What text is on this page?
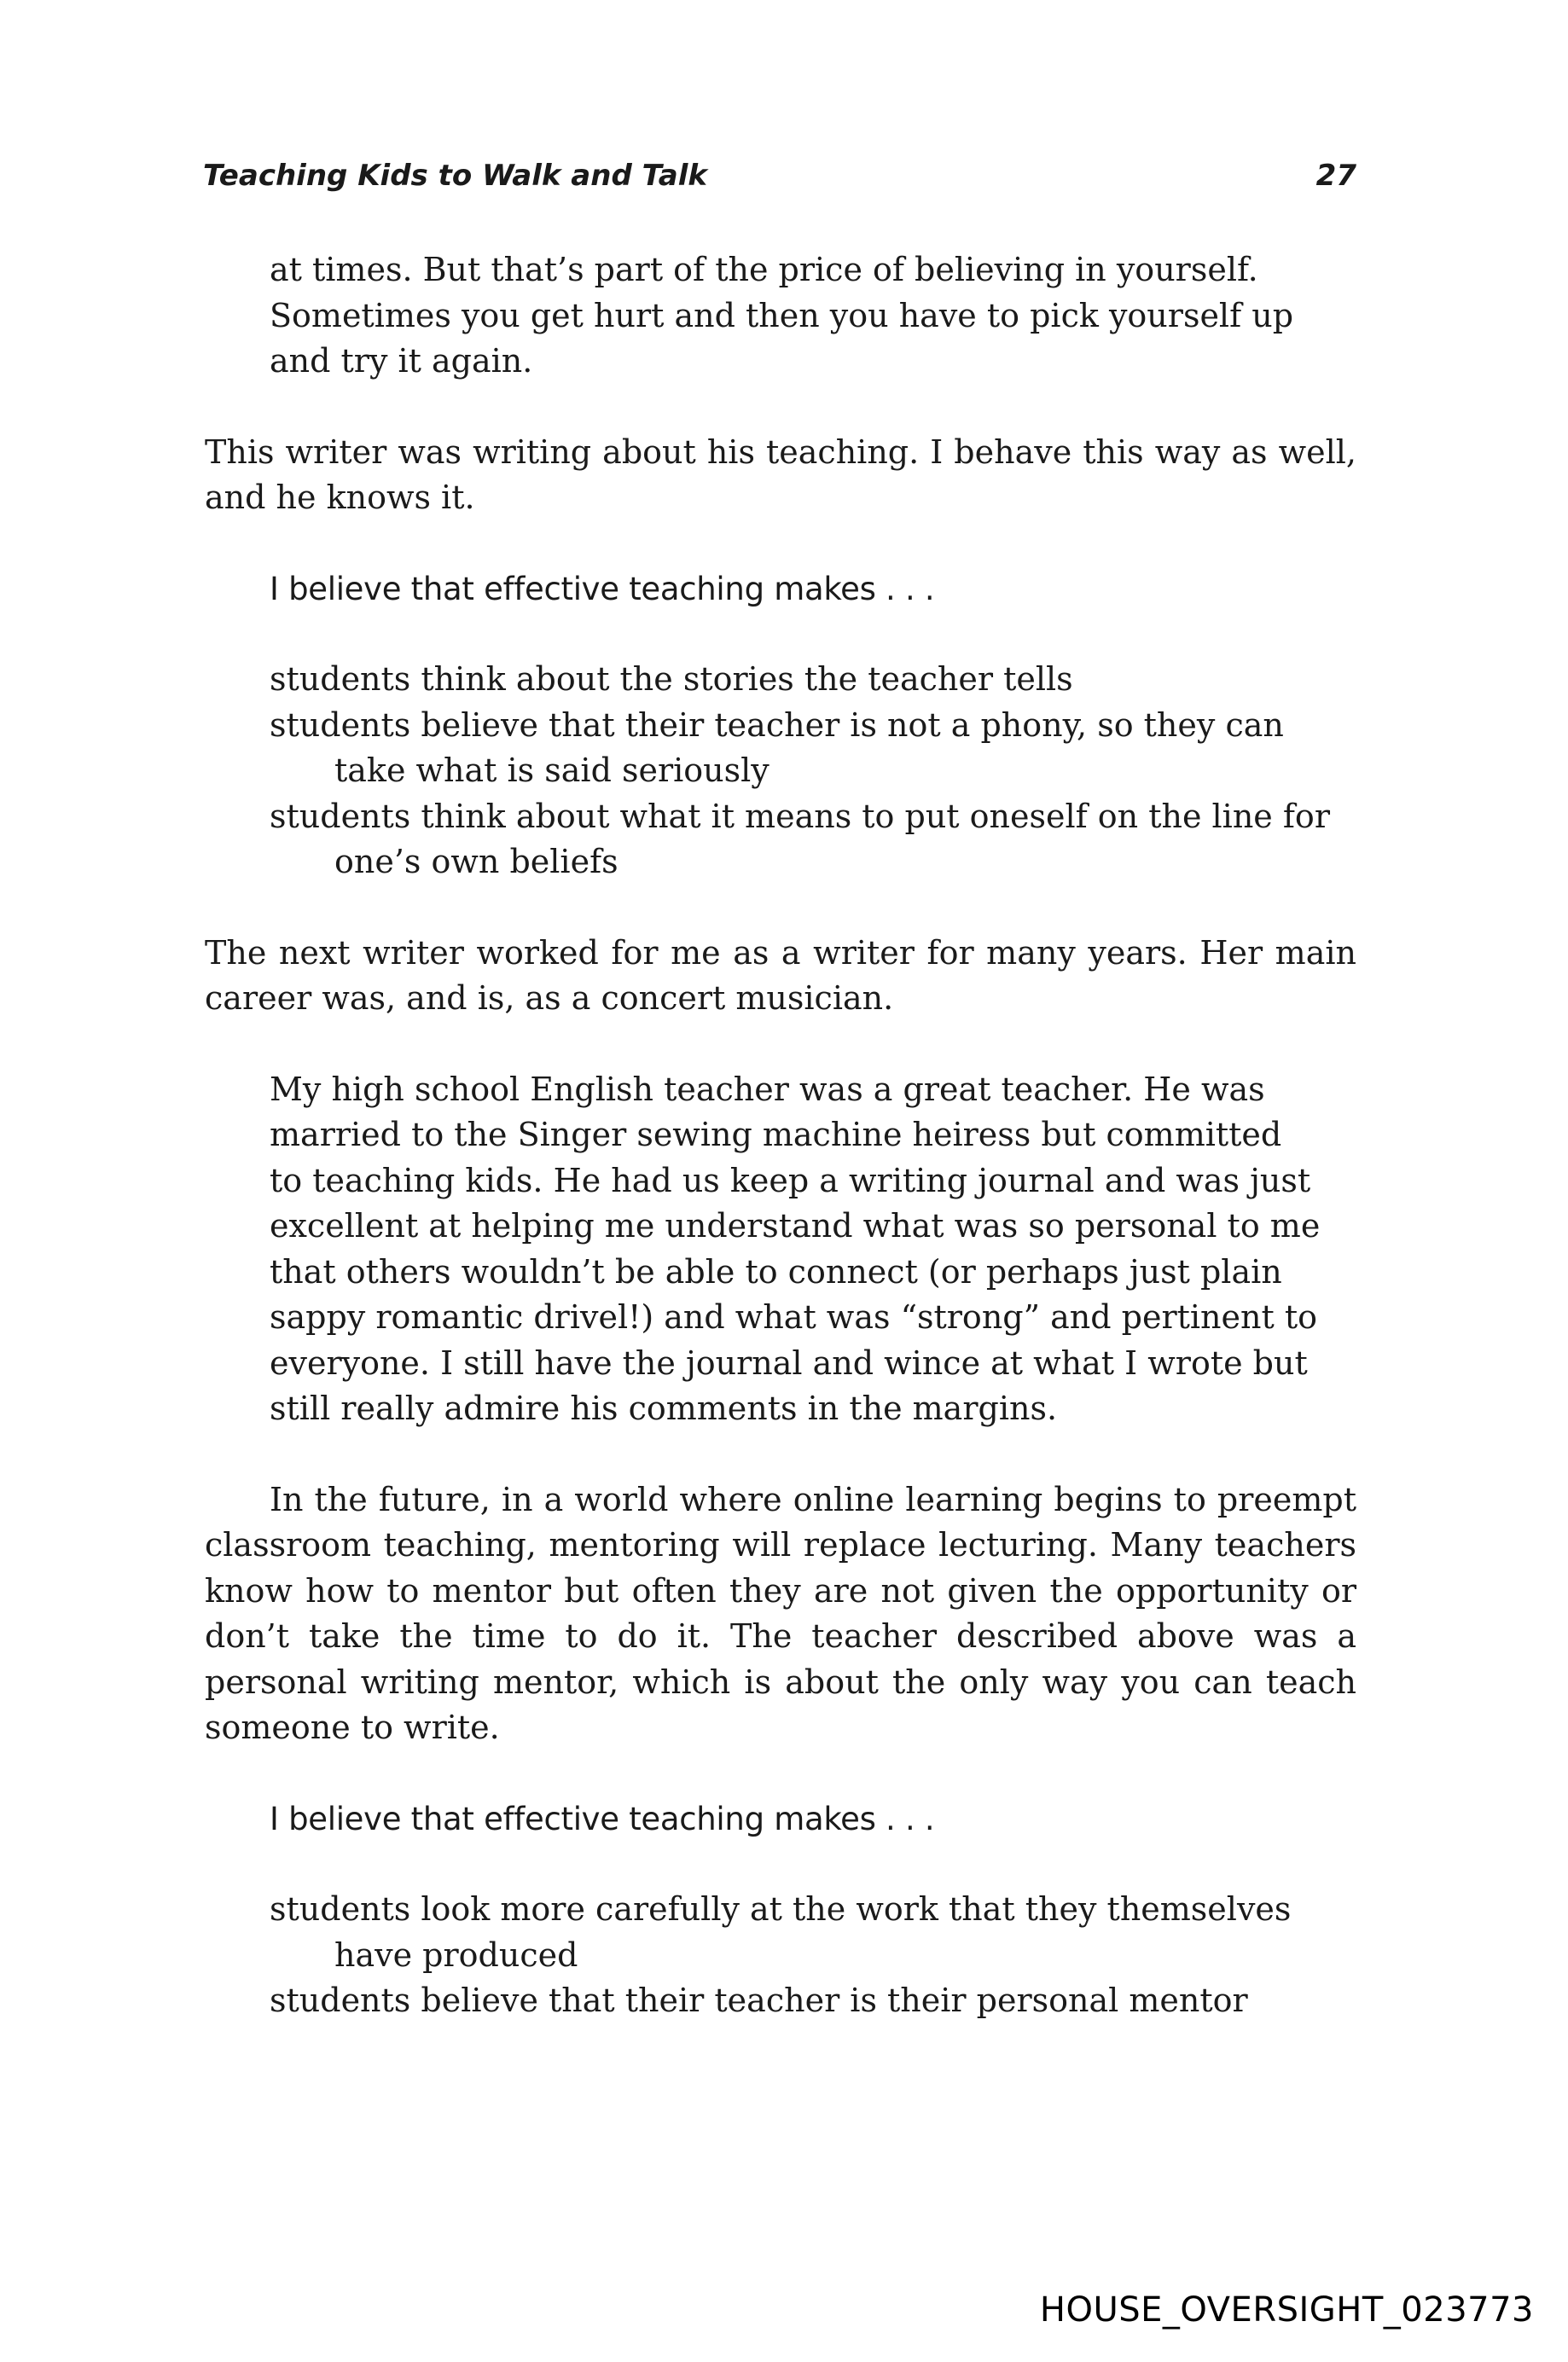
Teaching Kids to Walk and Talk	27

at times. But that’s part of the price of believing in yourself. Sometimes you get hurt and then you have to pick yourself up and try it again.

This writer was writing about his teaching. I behave this way as well, and he knows it.

I believe that effective teaching makes . . .

students think about the stories the teacher tells
students believe that their teacher is not a phony, so they can take what is said seriously
students think about what it means to put oneself on the line for one’s own beliefs

The next writer worked for me as a writer for many years. Her main career was, and is, as a concert musician.

My high school English teacher was a great teacher. He was married to the Singer sewing machine heiress but committed to teaching kids. He had us keep a writing journal and was just excellent at helping me understand what was so personal to me that others wouldn’t be able to connect (or perhaps just plain sappy romantic drivel!) and what was “strong” and pertinent to everyone. I still have the journal and wince at what I wrote but still really admire his comments in the margins.

In the future, in a world where online learning begins to preempt classroom teaching, mentoring will replace lecturing. Many teachers know how to mentor but often they are not given the opportunity or don’t take the time to do it. The teacher described above was a personal writing mentor, which is about the only way you can teach someone to write.

I believe that effective teaching makes . . .

students look more carefully at the work that they themselves have produced
students believe that their teacher is their personal mentor
HOUSE_OVERSIGHT_023773
